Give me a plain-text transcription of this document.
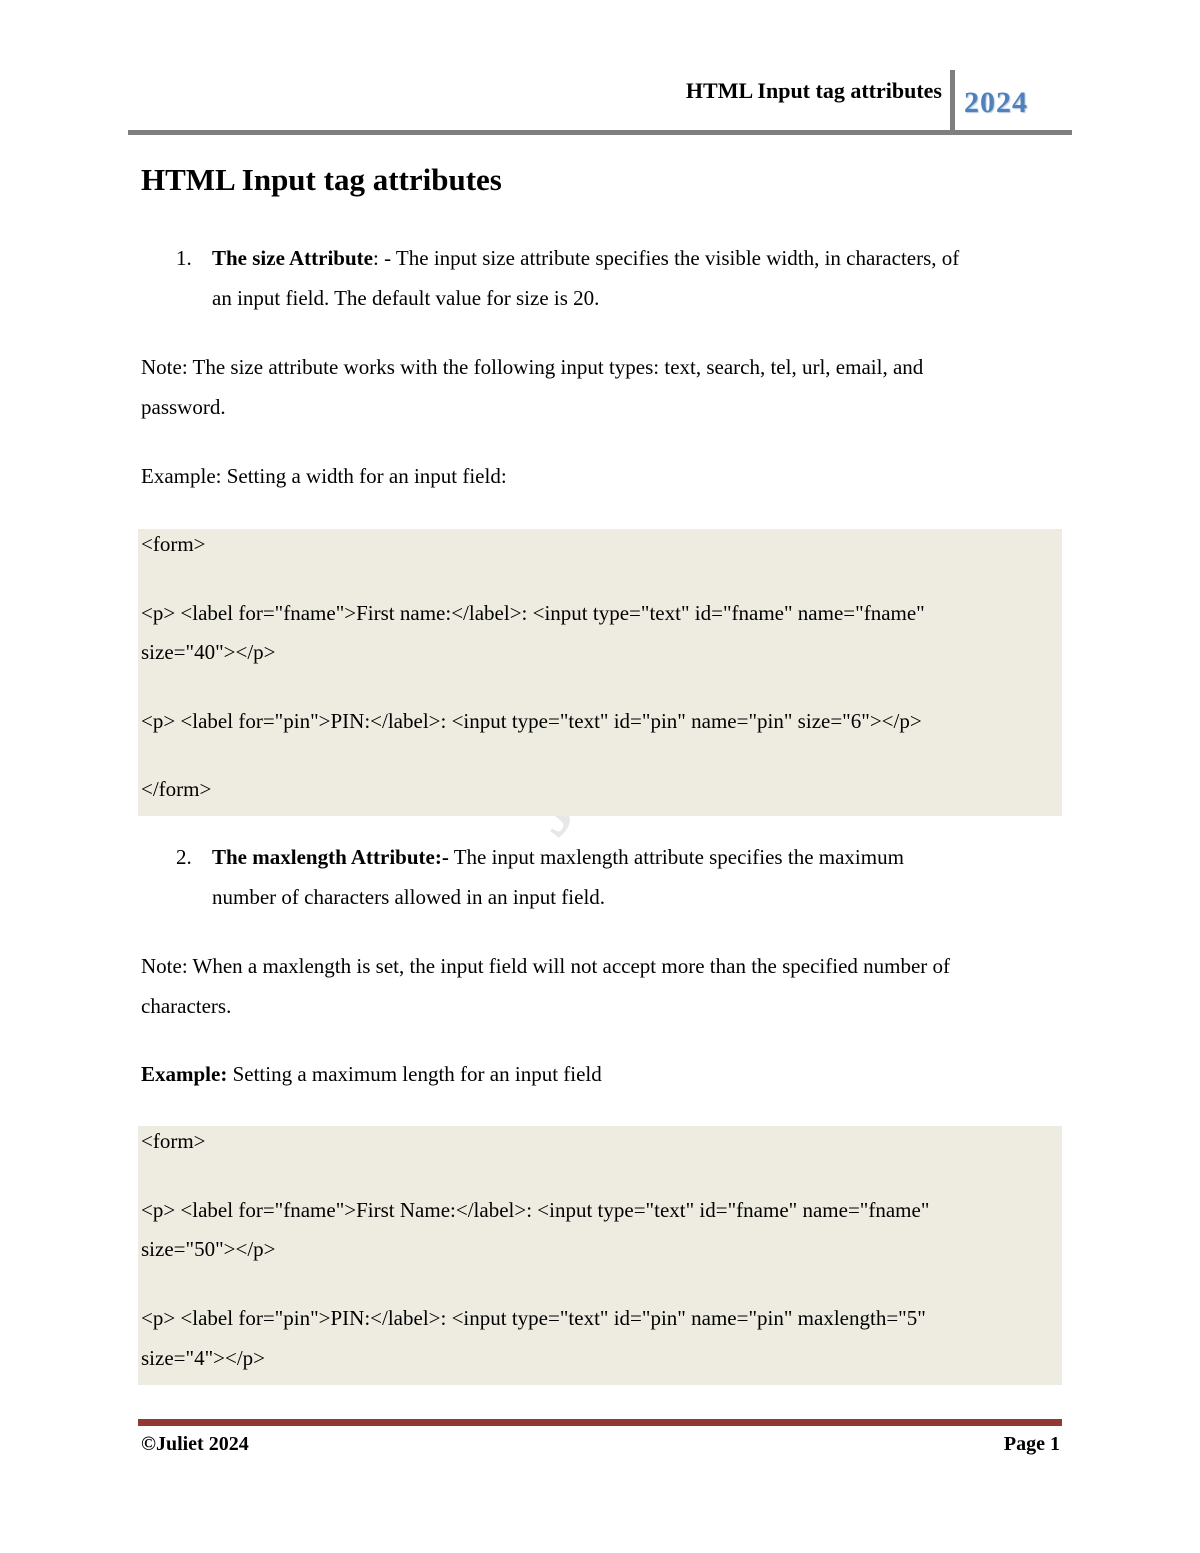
HTML Input tag attributes 2024
HTML Input tag attributes
1. The size Attribute: - The input size attribute specifies the visible width, in characters, of
an input field. The default value for size is 20.
Note: The size attribute works with the following input types: text, search, tel, url, email, and
password.
Example: Setting a width for an input field:
<form>
<p> <label for="fname">First name:</label>: <input type="text" id="fname" name="fname"
size="40"></p>
<p> <label for="pin">PIN:</label>: <input type="text" id="pin" name="pin" size="6"></p>
</form>
2. The maxlength Attribute:- The input maxlength attribute specifies the maximum
number of characters allowed in an input field.
Note: When a maxlength is set, the input field will not accept more than the specified number of
characters.
Example: Setting a maximum length for an input field
<form>
<p> <label for="fname">First Name:</label>: <input type="text" id="fname" name="fname"
size="50"></p>
<p> <label for="pin">PIN:</label>: <input type="text" id="pin" name="pin" maxlength="5"
size="4"></p>
©Juliet 2024	Page 1
